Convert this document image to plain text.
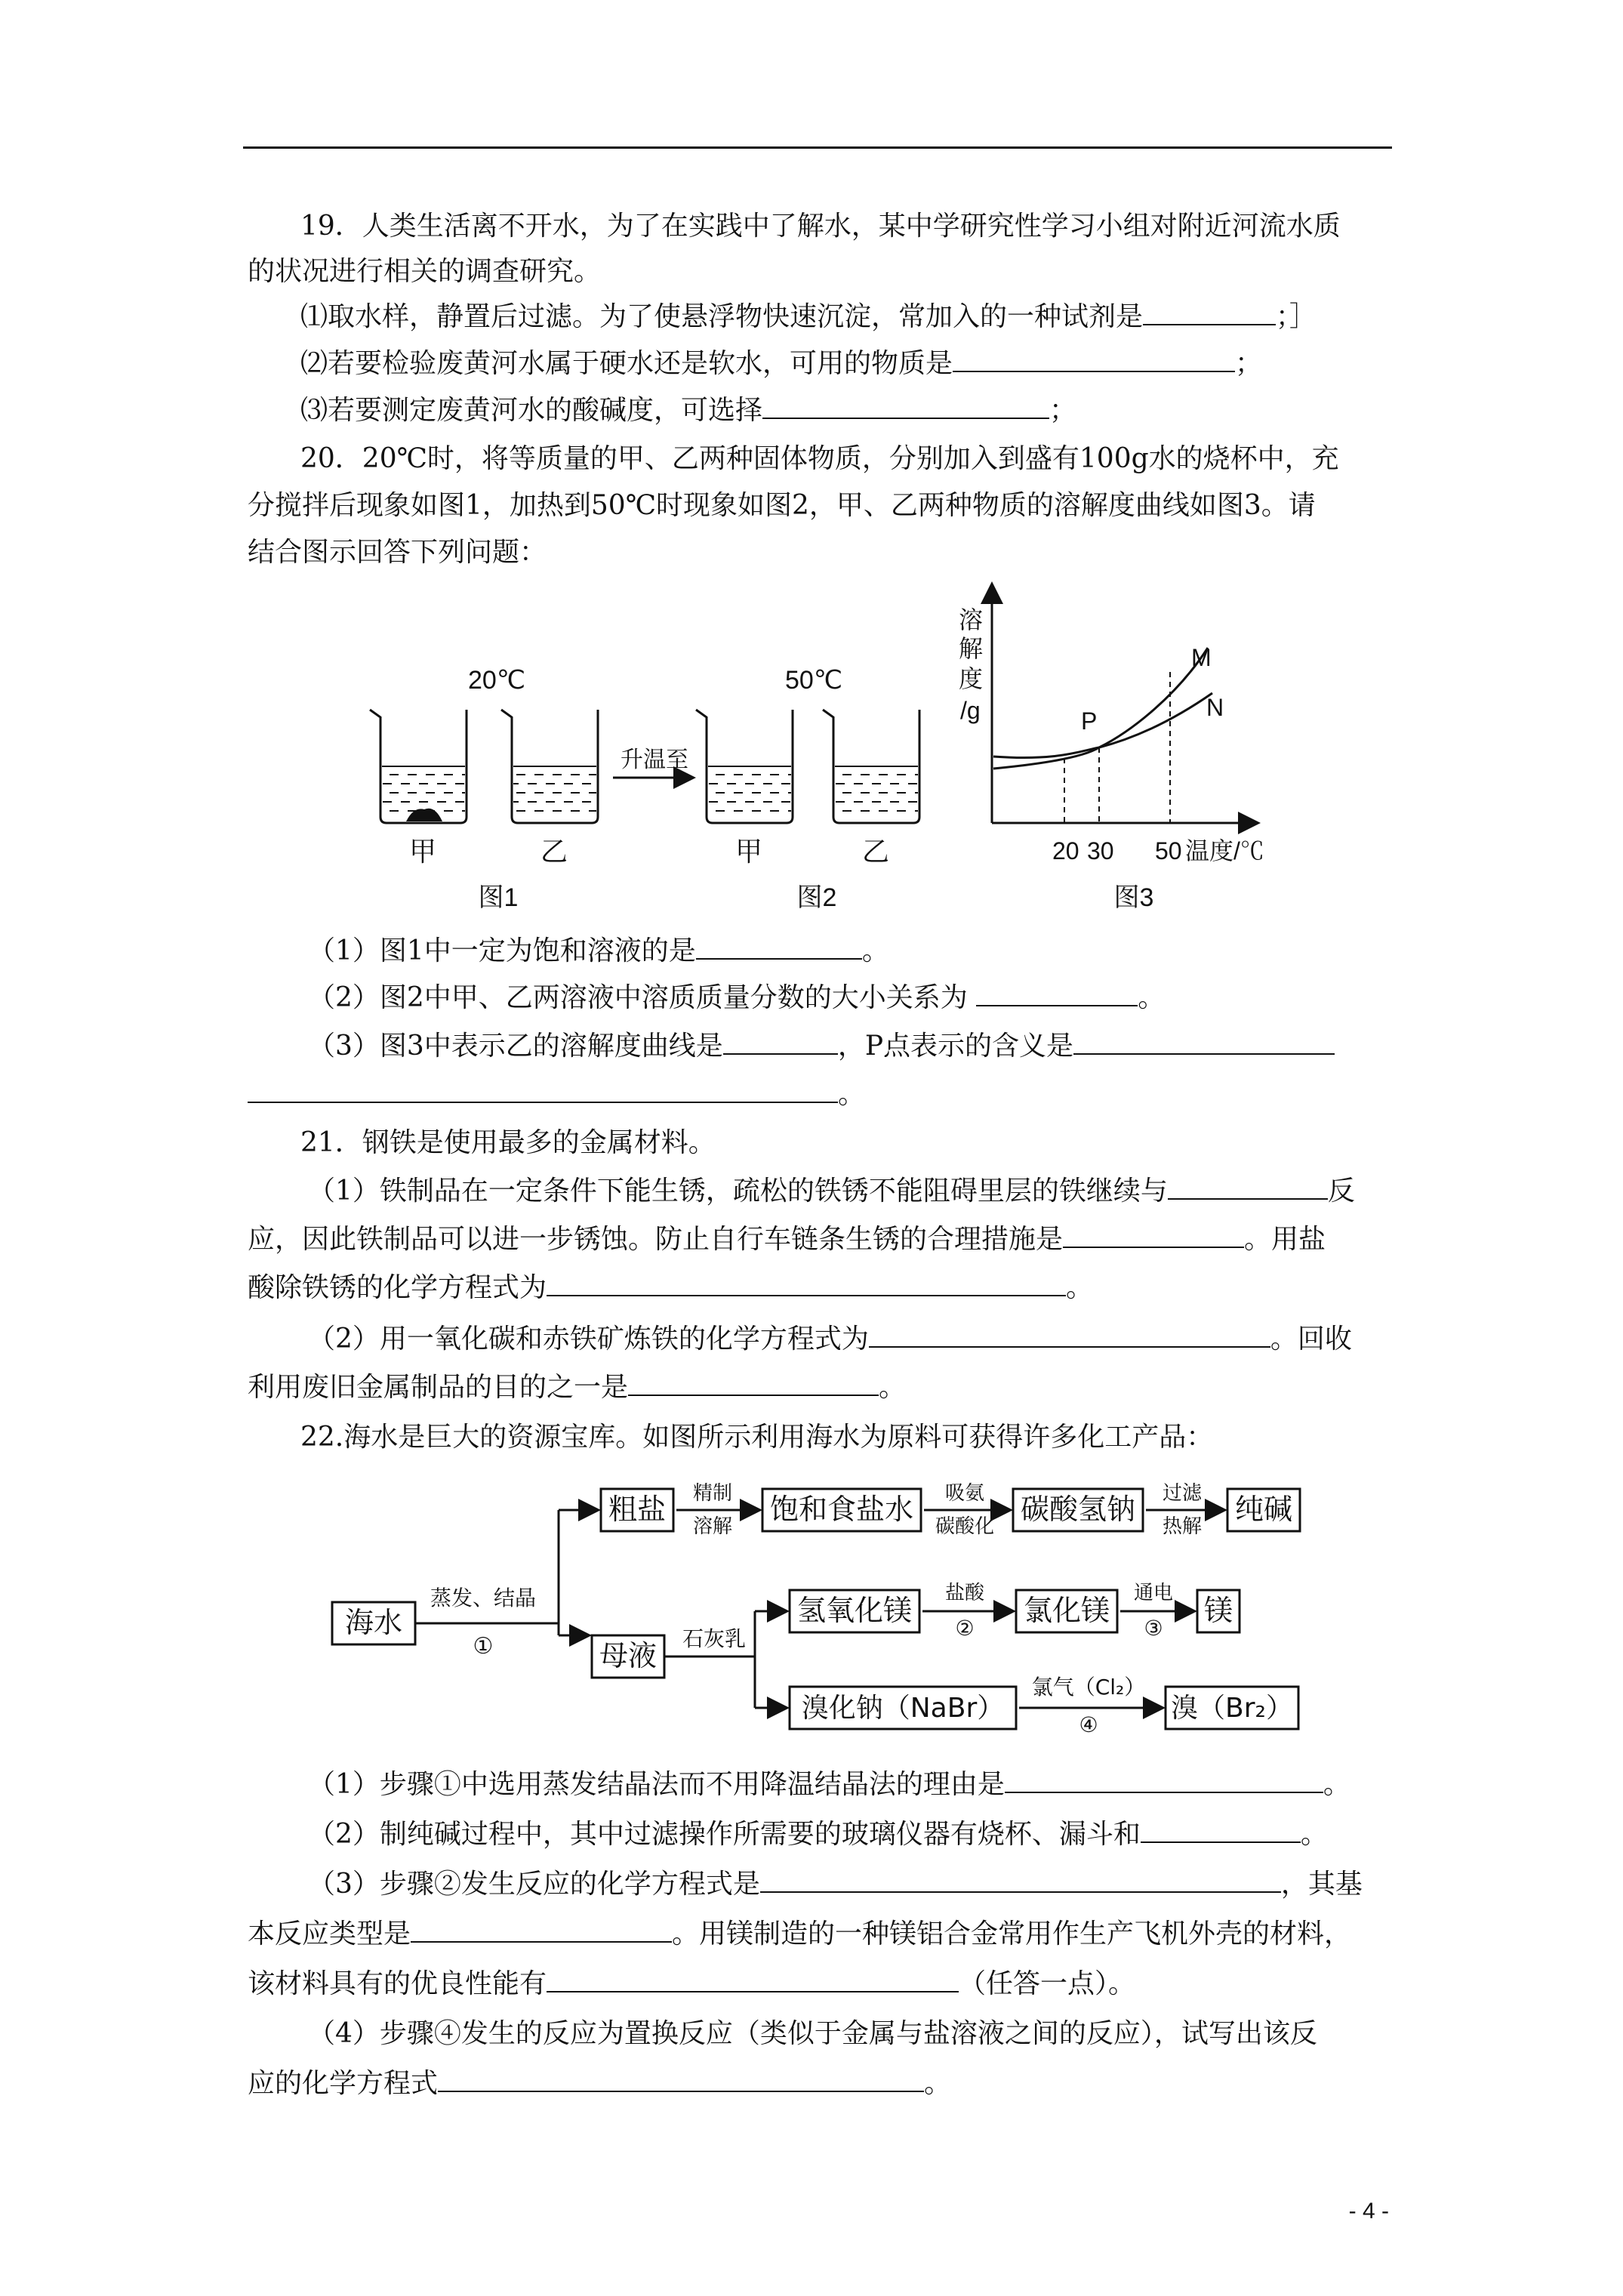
19．人类生活离不开水，为了在实践中了解水，某中学研究性学习小组对附近河流水质
的状况进行相关的调查研究。
⑴取水样，静置后过滤。为了使悬浮物快速沉淀，常加入的一种试剂是	；］
⑵若要检验废黄河水属于硬水还是软水，可用的物质是	；
⑶若要测定废黄河水的酸碱度，可选择	；
20．20℃时，将等质量的甲、乙两种固体物质，分别加入到盛有100g水的烧杯中，充
分搅拌后现象如图1，加热到50℃时现象如图2，甲、乙两种物质的溶解度曲线如图3。请
结合图示回答下列问题：
20℃	50℃
升温至
甲	乙	甲	乙
图1	图2
溶
解
度
/g
M
N
P
20 30 50 温度/℃
图3
（1）图1中一定为饱和溶液的是	。
（2）图2中甲、乙两溶液中溶质质量分数的大小关系为	。
（3）图3中表示乙的溶解度曲线是	，P点表示的含义是
。
21．钢铁是使用最多的金属材料。
（1）铁制品在一定条件下能生锈，疏松的铁锈不能阻碍里层的铁继续与	反
应，因此铁制品可以进一步锈蚀。防止自行车链条生锈的合理措施是	。用盐
酸除铁锈的化学方程式为	。
（2）用一氧化碳和赤铁矿炼铁的化学方程式为	。回收
利用废旧金属制品的目的之一是	。
22.海水是巨大的资源宝库。如图所示利用海水为原料可获得许多化工产品：
海水
蒸发、结晶
①
粗盐 精制
溶解
饱和食盐水 吸氨
碳酸化
碳酸氢钠 过滤
热解
纯碱
母液
石灰乳
氢氧化镁
盐酸
②
氯化镁
通电
③
镁
溴化钠（NaBr）
氯气（Cl₂）
④
溴（Br₂）
（1）步骤①中选用蒸发结晶法而不用降温结晶法的理由是	。
（2）制纯碱过程中，其中过滤操作所需要的玻璃仪器有烧杯、漏斗和	。
（3）步骤②发生反应的化学方程式是	，其基
本反应类型是	。用镁制造的一种镁铝合金常用作生产飞机外壳的材料，
该材料具有的优良性能有	（任答一点）。
（4）步骤④发生的反应为置换反应（类似于金属与盐溶液之间的反应），试写出该反
应的化学方程式	。
- 4 -
